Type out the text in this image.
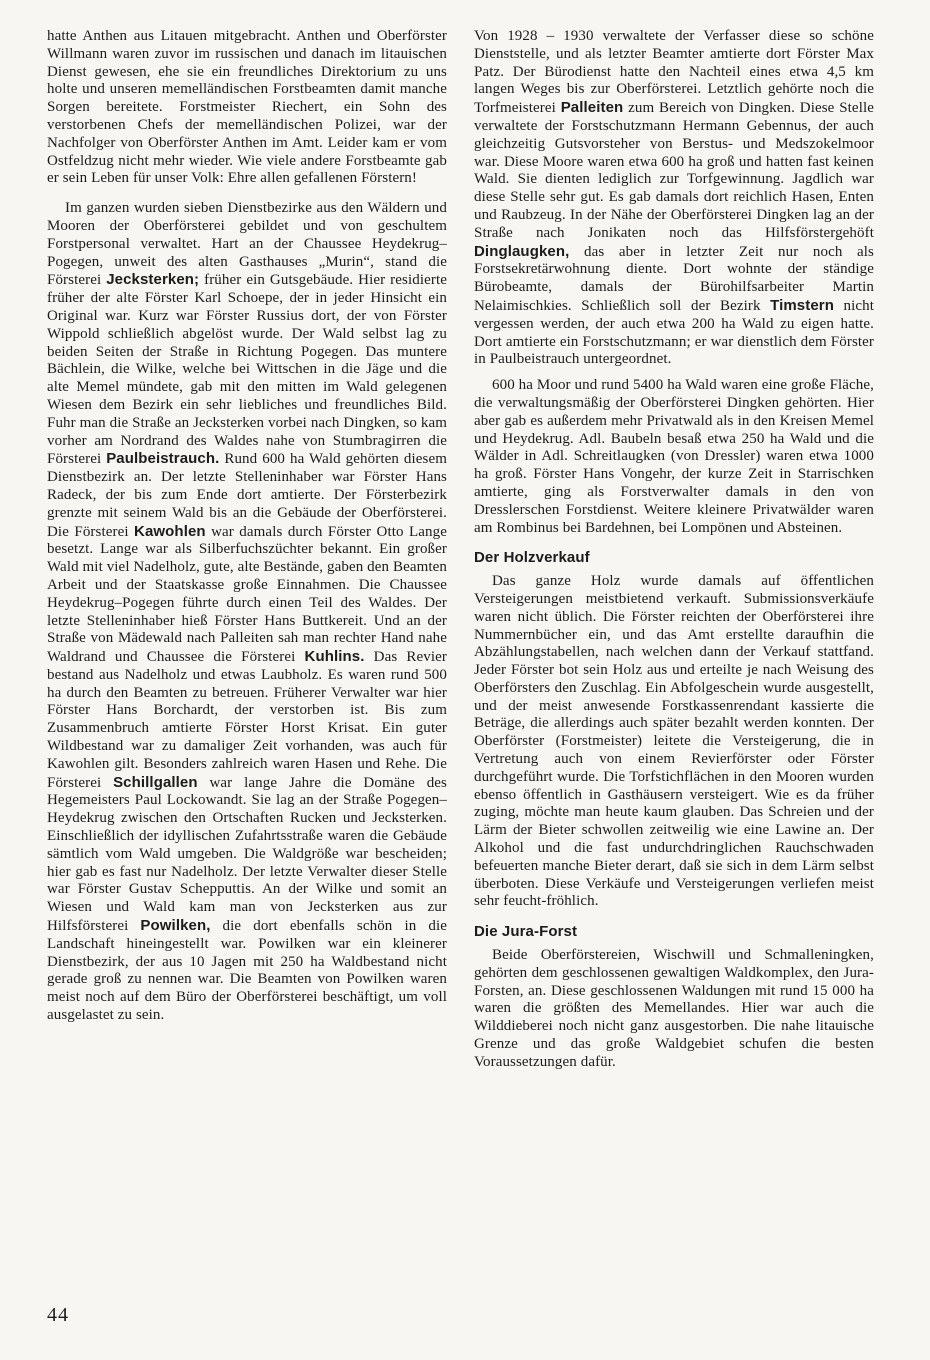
hatte Anthen aus Litauen mitgebracht. Anthen und Oberförster Willmann waren zuvor im russischen und danach im litauischen Dienst gewesen, ehe sie ein freundliches Direktorium zu uns holte und unseren memelländischen Forstbeamten damit manche Sorgen bereitete. Forstmeister Riechert, ein Sohn des verstorbenen Chefs der memelländischen Polizei, war der Nachfolger von Oberförster Anthen im Amt. Leider kam er vom Ostfeldzug nicht mehr wieder. Wie viele andere Forstbeamte gab er sein Leben für unser Volk: Ehre allen gefallenen Förstern!

Im ganzen wurden sieben Dienstbezirke aus den Wäldern und Mooren der Oberförsterei gebildet und von geschultem Forstpersonal verwaltet. Hart an der Chaussee Heydekrug–Pogegen, unweit des alten Gasthauses „Murin“, stand die Försterei Jecksterken; früher ein Gutsgebäude. Hier residierte früher der alte Förster Karl Schoepe, der in jeder Hinsicht ein Original war. Kurz war Förster Russius dort, der von Förster Wippold schließlich abgelöst wurde. Der Wald selbst lag zu beiden Seiten der Straße in Richtung Pogegen. Das muntere Bächlein, die Wilke, welche bei Wittschen in die Jäge und die alte Memel mündete, gab mit den mitten im Wald gelegenen Wiesen dem Bezirk ein sehr liebliches und freundliches Bild. Fuhr man die Straße an Jecksterken vorbei nach Dingken, so kam vorher am Nordrand des Waldes nahe von Stumbragirren die Försterei Paulbeistrauch. Rund 600 ha Wald gehörten diesem Dienstbezirk an. Der letzte Stelleninhaber war Förster Hans Radeck, der bis zum Ende dort amtierte. Der Försterbezirk grenzte mit seinem Wald bis an die Gebäude der Oberförsterei. Die Försterei Kawohlen war damals durch Förster Otto Lange besetzt. Lange war als Silberfuchszüchter bekannt. Ein großer Wald mit viel Nadelholz, gute, alte Bestände, gaben den Beamten Arbeit und der Staatskasse große Einnahmen. Die Chaussee Heydekrug–Pogegen führte durch einen Teil des Waldes. Der letzte Stelleninhaber hieß Förster Hans Buttkereit. Und an der Straße von Mädewald nach Palleiten sah man rechter Hand nahe Waldrand und Chaussee die Försterei Kuhlins. Das Revier bestand aus Nadelholz und etwas Laubholz. Es waren rund 500 ha durch den Beamten zu betreuen. Früherer Verwalter war hier Förster Hans Borchardt, der verstorben ist. Bis zum Zusammenbruch amtierte Förster Horst Krisat. Ein guter Wildbestand war zu damaliger Zeit vorhanden, was auch für Kawohlen gilt. Besonders zahlreich waren Hasen und Rehe. Die Försterei Schillgallen war lange Jahre die Domäne des Hegemeisters Paul Lockowandt. Sie lag an der Straße Pogegen–Heydekrug zwischen den Ortschaften Rucken und Jecksterken. Einschließlich der idyllischen Zufahrtsstraße waren die Gebäude sämtlich vom Wald umgeben. Die Waldgröße war bescheiden; hier gab es fast nur Nadelholz. Der letzte Verwalter dieser Stelle war Förster Gustav Schepputtis. An der Wilke und somit an Wiesen und Wald kam man von Jecksterken aus zur Hilfsförsterei Powilken, die dort ebenfalls schön in die Landschaft hineingestellt war. Powilken war ein kleinerer Dienstbezirk, der aus 10 Jagen mit 250 ha Waldbestand nicht gerade groß zu nennen war. Die Beamten von Powilken waren meist noch auf dem Büro der Oberförsterei beschäftigt, um voll ausgelastet zu sein.

Von 1928 – 1930 verwaltete der Verfasser diese so schöne Dienststelle, und als letzter Beamter amtierte dort Förster Max Patz. Der Bürodienst hatte den Nachteil eines etwa 4,5 km langen Weges bis zur Oberförsterei. Letztlich gehörte noch die Torfmeisterei Palleiten zum Bereich von Dingken. Diese Stelle verwaltete der Forstschutzmann Hermann Gebennus, der auch gleichzeitig Gutsvorsteher von Berstus- und Medszokelmoor war. Diese Moore waren etwa 600 ha groß und hatten fast keinen Wald. Sie dienten lediglich zur Torfgewinnung. Jagdlich war diese Stelle sehr gut. Es gab damals dort reichlich Hasen, Enten und Raubzeug. In der Nähe der Oberförsterei Dingken lag an der Straße nach Jonikaten noch das Hilfsförstergehöft Dinglaugken, das aber in letzter Zeit nur noch als Forstsekretärwohnung diente. Dort wohnte der ständige Bürobeamte, damals der Bürohilfsarbeiter Martin Nelaimischkies. Schließlich soll der Bezirk Timstern nicht vergessen werden, der auch etwa 200 ha Wald zu eigen hatte. Dort amtierte ein Forstschutzmann; er war dienstlich dem Förster in Paulbeistrauch untergeordnet.

600 ha Moor und rund 5400 ha Wald waren eine große Fläche, die verwaltungsmäßig der Oberförsterei Dingken gehörten. Hier aber gab es außerdem mehr Privatwald als in den Kreisen Memel und Heydekrug. Adl. Baubeln besaß etwa 250 ha Wald und die Wälder in Adl. Schreitlaugken (von Dressler) waren etwa 1000 ha groß. Förster Hans Vongehr, der kurze Zeit in Starrischken amtierte, ging als Forstverwalter damals in den von Dresslerschen Forstdienst. Weitere kleinere Privatwälder waren am Rombinus bei Bardehnen, bei Lompönen und Absteinen.

Der Holzverkauf

Das ganze Holz wurde damals auf öffentlichen Versteigerungen meistbietend verkauft. Submissionsverkäufe waren nicht üblich. Die Förster reichten der Oberförsterei ihre Nummernbücher ein, und das Amt erstellte daraufhin die Abzählungstabellen, nach welchen dann der Verkauf stattfand. Jeder Förster bot sein Holz aus und erteilte je nach Weisung des Oberförsters den Zuschlag. Ein Abfolgeschein wurde ausgestellt, und der meist anwesende Forstkassenrendant kassierte die Beträge, die allerdings auch später bezahlt werden konnten. Der Oberförster (Forstmeister) leitete die Versteigerung, die in Vertretung auch von einem Revierförster oder Förster durchgeführt wurde. Die Torfstichflächen in den Mooren wurden ebenso öffentlich in Gasthäusern versteigert. Wie es da früher zuging, möchte man heute kaum glauben. Das Schreien und der Lärm der Bieter schwollen zeitweilig wie eine Lawine an. Der Alkohol und die fast undurchdringlichen Rauchschwaden befeuerten manche Bieter derart, daß sie sich in dem Lärm selbst überboten. Diese Verkäufe und Versteigerungen verliefen meist sehr feucht-fröhlich.

Die Jura-Forst

Beide Oberförstereien, Wischwill und Schmalleningken, gehörten dem geschlossenen gewaltigen Waldkomplex, den Jura-Forsten, an. Diese geschlossenen Waldungen mit rund 15 000 ha waren die größten des Memellandes. Hier war auch die Wilddieberei noch nicht ganz ausgestorben. Die nahe litauische Grenze und das große Waldgebiet schufen die besten Voraussetzungen dafür.

44
